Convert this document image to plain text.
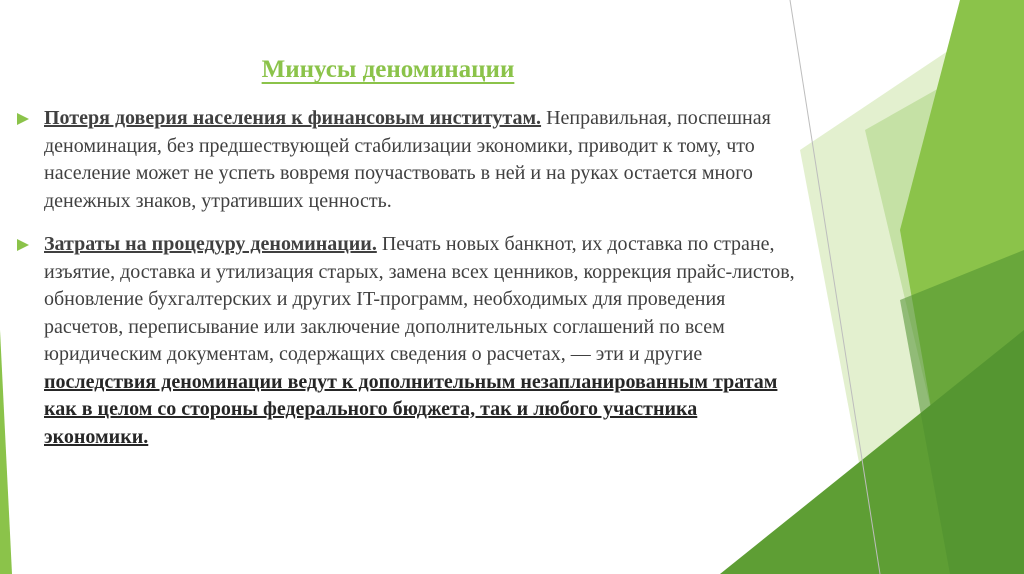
Минусы деноминации
Потеря доверия населения к финансовым институтам. Неправильная, поспешная деноминация, без предшествующей стабилизации экономики, приводит к тому, что население может не успеть вовремя поучаствовать в ней и на руках остается много денежных знаков, утративших ценность.
Затраты на процедуру деноминации. Печать новых банкнот, их доставка по стране, изъятие, доставка и утилизация старых, замена всех ценников, коррекция прайс-листов, обновление бухгалтерских и других IT-программ, необходимых для проведения расчетов, переписывание или заключение дополнительных соглашений по всем юридическим документам, содержащих сведения о расчетах, — эти и другие последствия деноминации ведут к дополнительным незапланированным тратам как в целом со стороны федерального бюджета, так и любого участника экономики.
